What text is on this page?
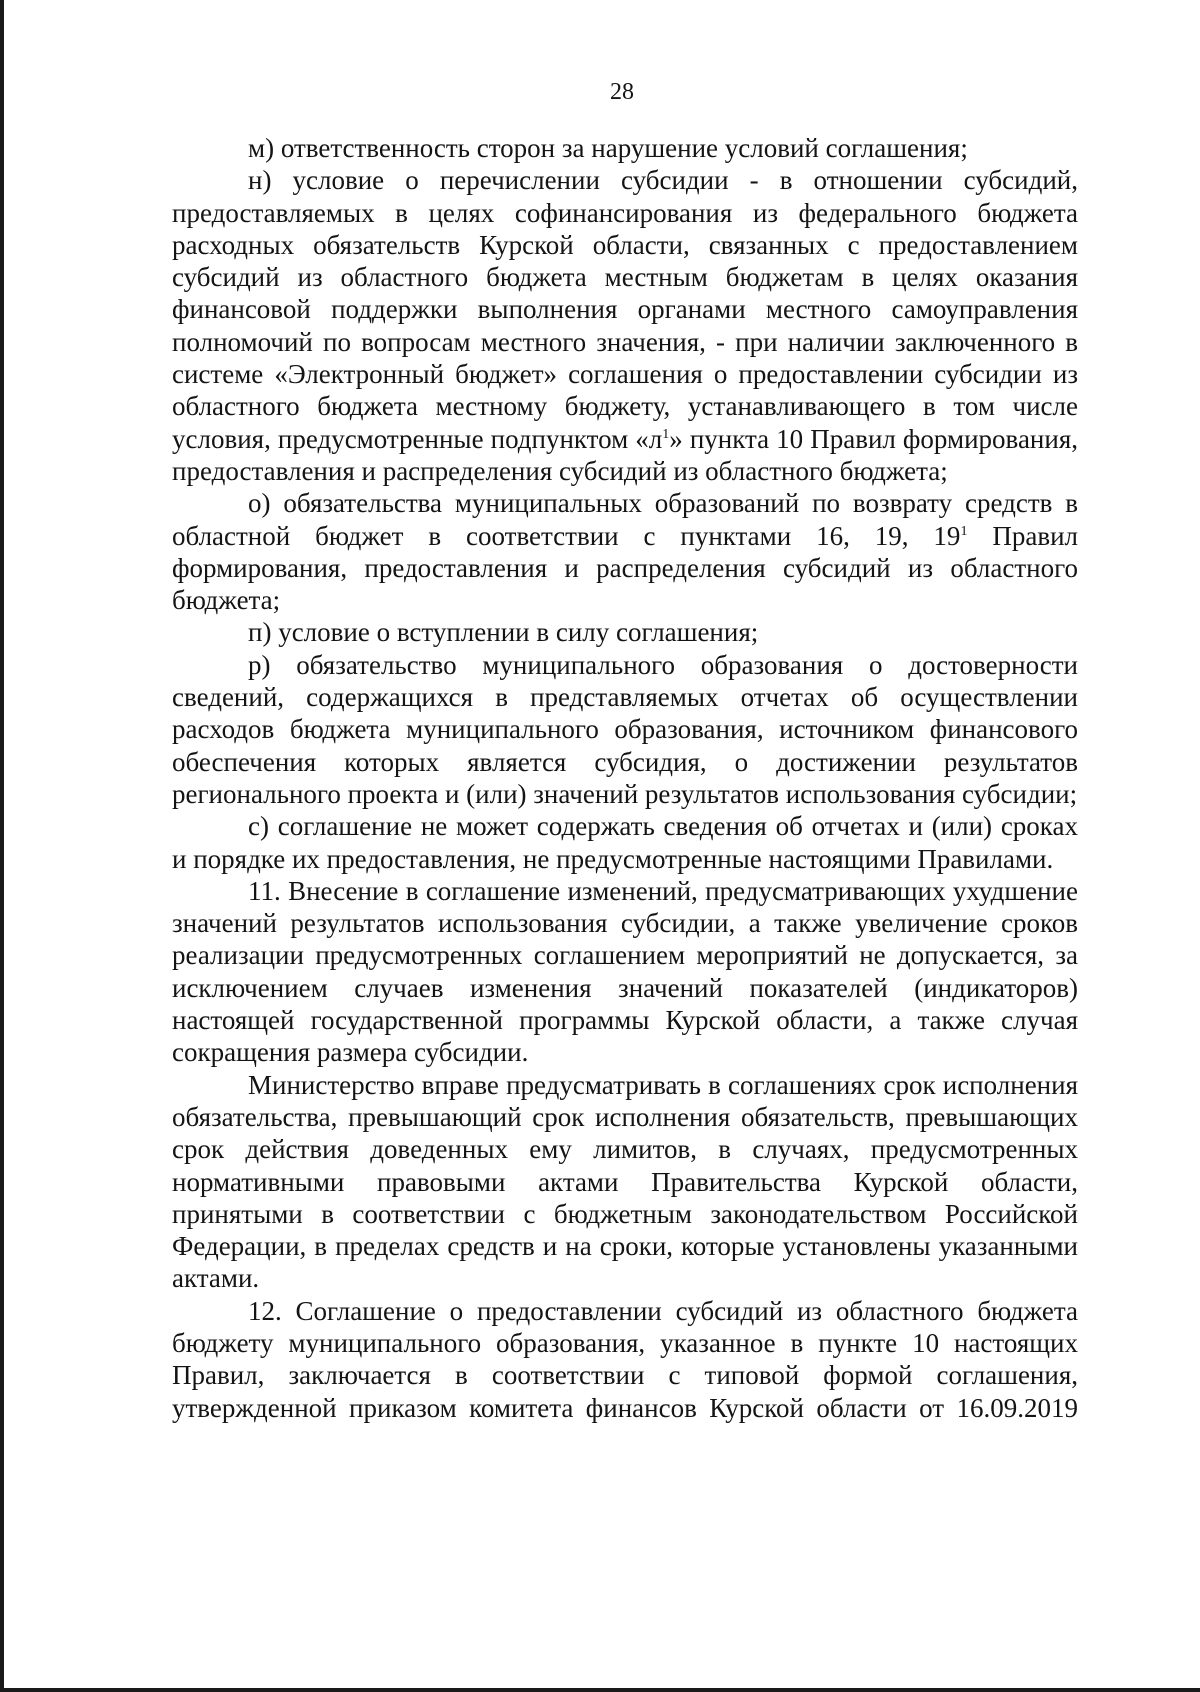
28

м) ответственность сторон за нарушение условий соглашения;

н) условие о перечислении субсидии - в отношении субсидий, предоставляемых в целях софинансирования из федерального бюджета расходных обязательств Курской области, связанных с предоставлением субсидий из областного бюджета местным бюджетам в целях оказания финансовой поддержки выполнения органами местного самоуправления полномочий по вопросам местного значения, - при наличии заключенного в системе «Электронный бюджет» соглашения о предоставлении субсидии из областного бюджета местному бюджету, устанавливающего в том числе условия, предусмотренные подпунктом «$л^1$» пункта 10 Правил формирования, предоставления и распределения субсидий из областного бюджета;

о) обязательства муниципальных образований по возврату средств в областной бюджет в соответствии с пунктами 16, 19, $19^1$ Правил формирования, предоставления и распределения субсидий из областного бюджета;

п) условие о вступлении в силу соглашения;

р) обязательство муниципального образования о достоверности сведений, содержащихся в представляемых отчетах об осуществлении расходов бюджета муниципального образования, источником финансового обеспечения которых является субсидия, о достижении результатов регионального проекта и (или) значений результатов использования субсидии;

с) соглашение не может содержать сведения об отчетах и (или) сроках и порядке их предоставления, не предусмотренные настоящими Правилами.

11. Внесение в соглашение изменений, предусматривающих ухудшение значений результатов использования субсидии, а также увеличение сроков реализации предусмотренных соглашением мероприятий не допускается, за исключением случаев изменения значений показателей (индикаторов) настоящей государственной программы Курской области, а также случая сокращения размера субсидии.

Министерство вправе предусматривать в соглашениях срок исполнения обязательства, превышающий срок исполнения обязательств, превышающих срок действия доведенных ему лимитов, в случаях, предусмотренных нормативными правовыми актами Правительства Курской области, принятыми в соответствии с бюджетным законодательством Российской Федерации, в пределах средств и на сроки, которые установлены указанными актами.

12. Соглашение о предоставлении субсидий из областного бюджета бюджету муниципального образования, указанное в пункте 10 настоящих Правил, заключается в соответствии с типовой формой соглашения, утвержденной приказом комитета финансов Курской области от 16.09.2019
